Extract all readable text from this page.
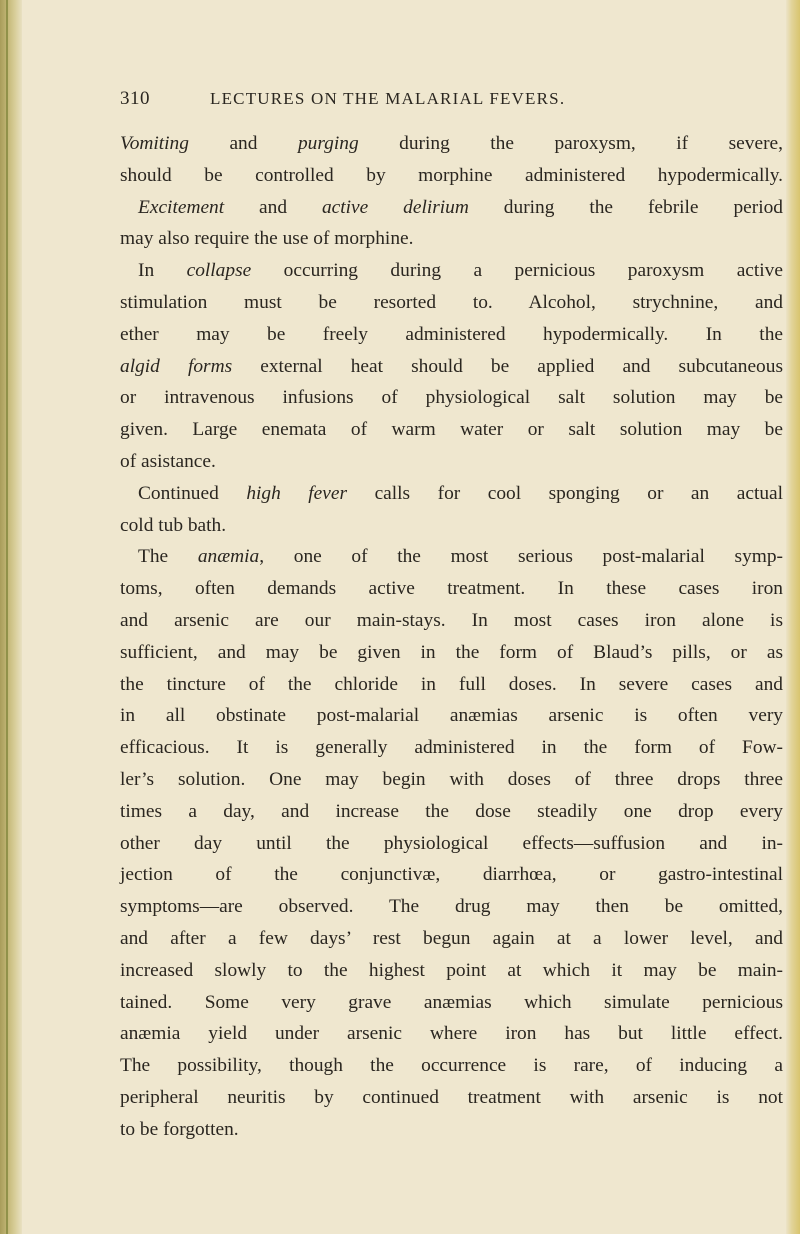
310	LECTURES ON THE MALARIAL FEVERS.
Vomiting and purging during the paroxysm, if severe,
should be controlled by morphine administered hypodermically.
Excitement and active delirium during the febrile period
may also require the use of morphine.
In collapse occurring during a pernicious paroxysm active
stimulation must be resorted to. Alcohol, strychnine, and
ether may be freely administered hypodermically. In the
algid forms external heat should be applied and subcutaneous
or intravenous infusions of physiological salt solution may be
given. Large enemata of warm water or salt solution may be
of asistance.
Continued high fever calls for cool sponging or an actual
cold tub bath.
The anæmia, one of the most serious post-malarial symp-
toms, often demands active treatment. In these cases iron
and arsenic are our main-stays. In most cases iron alone is
sufficient, and may be given in the form of Blaud’s pills, or as
the tincture of the chloride in full doses. In severe cases and
in all obstinate post-malarial anæmias arsenic is often very
efficacious. It is generally administered in the form of Fow-
ler’s solution. One may begin with doses of three drops three
times a day, and increase the dose steadily one drop every
other day until the physiological effects—suffusion and in-
jection of the conjunctivæ, diarrhœa, or gastro-intestinal
symptoms—are observed. The drug may then be omitted,
and after a few days’ rest begun again at a lower level, and
increased slowly to the highest point at which it may be main-
tained. Some very grave anæmias which simulate pernicious
anæmia yield under arsenic where iron has but little effect.
The possibility, though the occurrence is rare, of inducing a
peripheral neuritis by continued treatment with arsenic is not
to be forgotten.
